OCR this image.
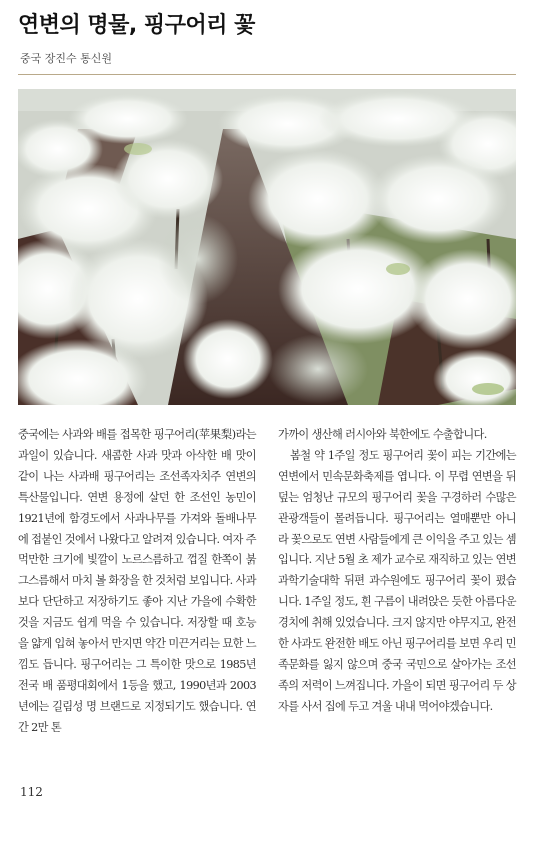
연변의 명물, 핑구어리 꽃
중국 장진수 통신원

중국에는 사과와 배를 접목한 핑구어리(苹果梨)라는 과일이 있습니다. 새콤한 사과 맛과 아삭한 배 맛이 같이 나는 사과배 핑구어리는 조선족자치주 연변의 특산물입니다. 연변 용정에 살던 한 조선인 농민이 1921년에 함경도에서 사과나무를 가져와 돌배나무에 접붙인 것에서 나왔다고 알려져 있습니다. 여자 주먹만한 크기에 빛깔이 노르스름하고 껍질 한쪽이 붉그스름해서 마치 볼 화장을 한 것처럼 보입니다. 사과보다 단단하고 저장하기도 좋아 지난 가을에 수확한 것을 지금도 쉽게 먹을 수 있습니다. 저장할 때 호능을 얇게 입혀 놓아서 만지면 약간 미끈거리는 묘한 느낌도 듭니다. 핑구어리는 그 특이한 맛으로 1985년 전국 배 품평대회에서 1등을 했고, 1990년과 2003년에는 길림성 명 브랜드로 지정되기도 했습니다. 연간 2만 톤

가까이 생산해 러시아와 북한에도 수출합니다.

봄철 약 1주일 정도 핑구어리 꽃이 피는 기간에는 연변에서 민속문화축제를 엽니다. 이 무렵 연변을 뒤덮는 엄청난 규모의 핑구어리 꽃을 구경하러 수많은 관광객들이 몰려듭니다. 핑구어리는 열매뿐만 아니라 꽃으로도 연변 사람들에게 큰 이익을 주고 있는 셈입니다. 지난 5월 초 제가 교수로 재직하고 있는 연변과학기술대학 뒤편 과수원에도 핑구어리 꽃이 폈습니다. 1주일 정도, 흰 구름이 내려앉은 듯한 아름다운 경치에 취해 있었습니다. 크지 않지만 야무지고, 완전한 사과도 완전한 배도 아닌 핑구어리를 보면 우리 민족문화를 잃지 않으며 중국 국민으로 살아가는 조선족의 저력이 느껴집니다. 가을이 되면 핑구어리 두 상자를 사서 집에 두고 겨울 내내 먹어야겠습니다.

112
